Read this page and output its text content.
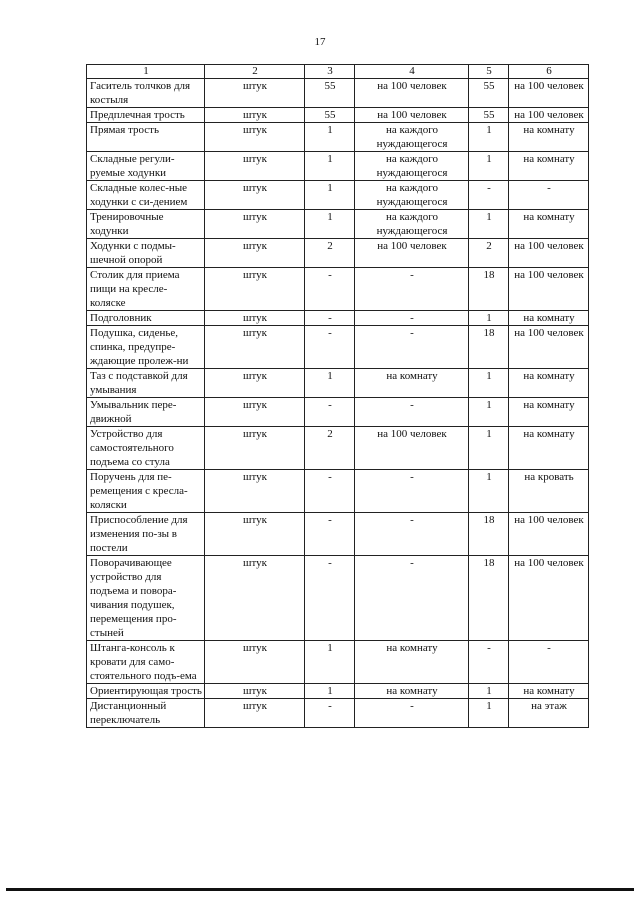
17
1	2	3	4	5	6
Гаситель толчков для костыля	штук	55	на 100 человек	55	на 100 человек
Предплечная трость	штук	55	на 100 человек	55	на 100 человек
Прямая трость	штук	1	на каждого нуждающегося	1	на комнату
Складные регули-руемые ходунки	штук	1	на каждого нуждающегося	1	на комнату
Складные колес-ные ходунки с си-дением	штук	1	на каждого нуждающегося	-	-
Тренировочные ходунки	штук	1	на каждого нуждающегося	1	на комнату
Ходунки с подмы-шечной опорой	штук	2	на 100 человек	2	на 100 человек
Столик для приема пищи на кресле-коляске	штук	-	-	18	на 100 человек
Подголовник	штук	-	-	1	на комнату
Подушка, сиденье, спинка, предупре-ждающие пролеж-ни	штук	-	-	18	на 100 человек
Таз с подставкой для умывания	штук	1	на комнату	1	на комнату
Умывальник пере-движной	штук	-	-	1	на комнату
Устройство для самостоятельного подъема со стула	штук	2	на 100 человек	1	на комнату
Поручень для пе-ремещения с кресла-коляски	штук	-	-	1	на кровать
Приспособление для изменения по-зы в постели	штук	-	-	18	на 100 человек
Поворачивающее устройство для подъема и повора-чивания подушек, перемещения про-стыней	штук	-	-	18	на 100 человек
Штанга-консоль к кровати для само-стоятельного подъ-ема	штук	1	на комнату	-	-
Ориентирующая трость	штук	1	на комнату	1	на комнату
Дистанционный переключатель	штук	-	-	1	на этаж
